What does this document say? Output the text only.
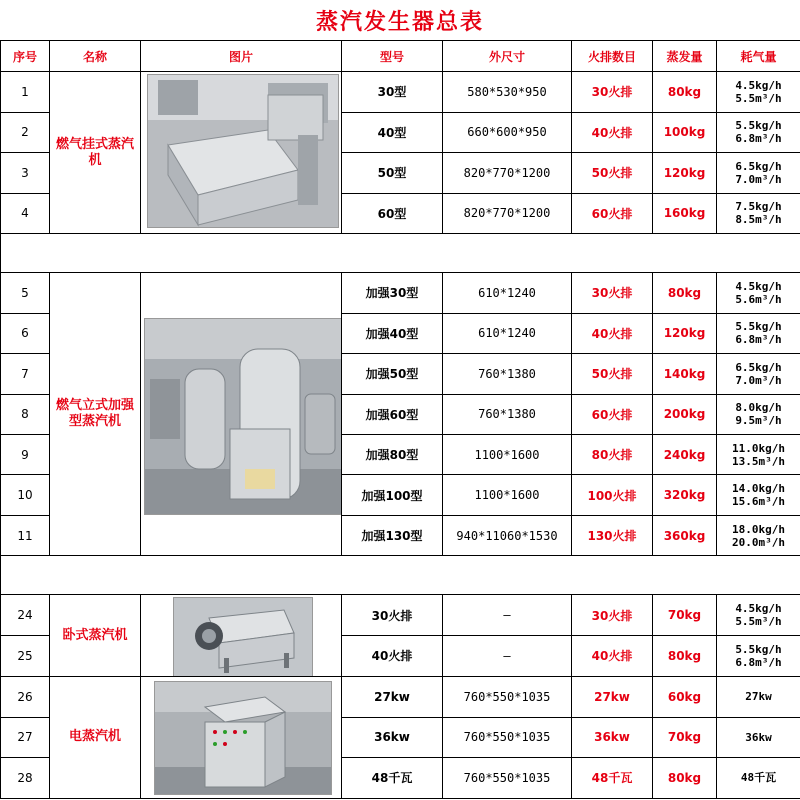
蒸汽发生器总表
序号	名称	图片	型号	外尺寸	火排数目	蒸发量	耗气量
1	燃气挂式蒸汽机		30型	580*530*950	30火排	80kg	4.5kg/h
5.5m³/h

2			40型	660*600*950	40火排	100kg	5.5kg/h
6.8m³/h

3			50型	820*770*1200	50火排	120kg	6.5kg/h
7.0m³/h

4			60型	820*770*1200	60火排	160kg	7.5kg/h
8.5m³/h

5	燃气立式加强型蒸汽机		加强30型	610*1240	30火排	80kg	4.5kg/h
5.6m³/h

6			加强40型	610*1240	40火排	120kg	5.5kg/h
6.8m³/h

7			加强50型	760*1380	50火排	140kg	6.5kg/h
7.0m³/h

8			加强60型	760*1380	60火排	200kg	8.0kg/h
9.5m³/h

9			加强80型	1100*1600	80火排	240kg	11.0kg/h
13.5m³/h

10			加强100型	1100*1600	100火排	320kg	14.0kg/h
15.6m³/h

11			加强130型	940*11060*1530	130火排	360kg	18.0kg/h
20.0m³/h

24	卧式蒸汽机		30火排	—	30火排	70kg	4.5kg/h
5.5m³/h

25			40火排	—	40火排	80kg	5.5kg/h
6.8m³/h

26	电蒸汽机		27kw	760*550*1035	27kw	60kg	27kw

27			36kw	760*550*1035	36kw	70kg	36kw

28			48千瓦	760*550*1035	48千瓦	80kg	48千瓦
